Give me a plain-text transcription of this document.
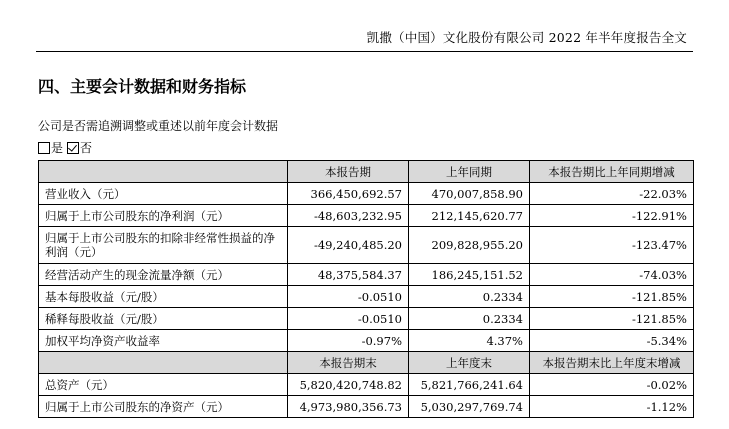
凯撒（中国）文化股份有限公司 2022 年半年度报告全文
四、主要会计数据和财务指标
公司是否需追溯调整或重述以前年度会计数据
是 否
	本报告期	上年同期	本报告期比上年同期增减
营业收入（元）	366,450,692.57	470,007,858.90	-22.03%
归属于上市公司股东的净利润（元）	-48,603,232.95	212,145,620.77	-122.91%
归属于上市公司股东的扣除非经常性损益的净利润（元）	-49,240,485.20	209,828,955.20	-123.47%
经营活动产生的现金流量净额（元）	48,375,584.37	186,245,151.52	-74.03%
基本每股收益（元/股）	-0.0510	0.2334	-121.85%
稀释每股收益（元/股）	-0.0510	0.2334	-121.85%
加权平均净资产收益率	-0.97%	4.37%	-5.34%
	本报告期末	上年度末	本报告期末比上年度末增减
总资产（元）	5,820,420,748.82	5,821,766,241.64	-0.02%
归属于上市公司股东的净资产（元）	4,973,980,356.73	5,030,297,769.74	-1.12%
